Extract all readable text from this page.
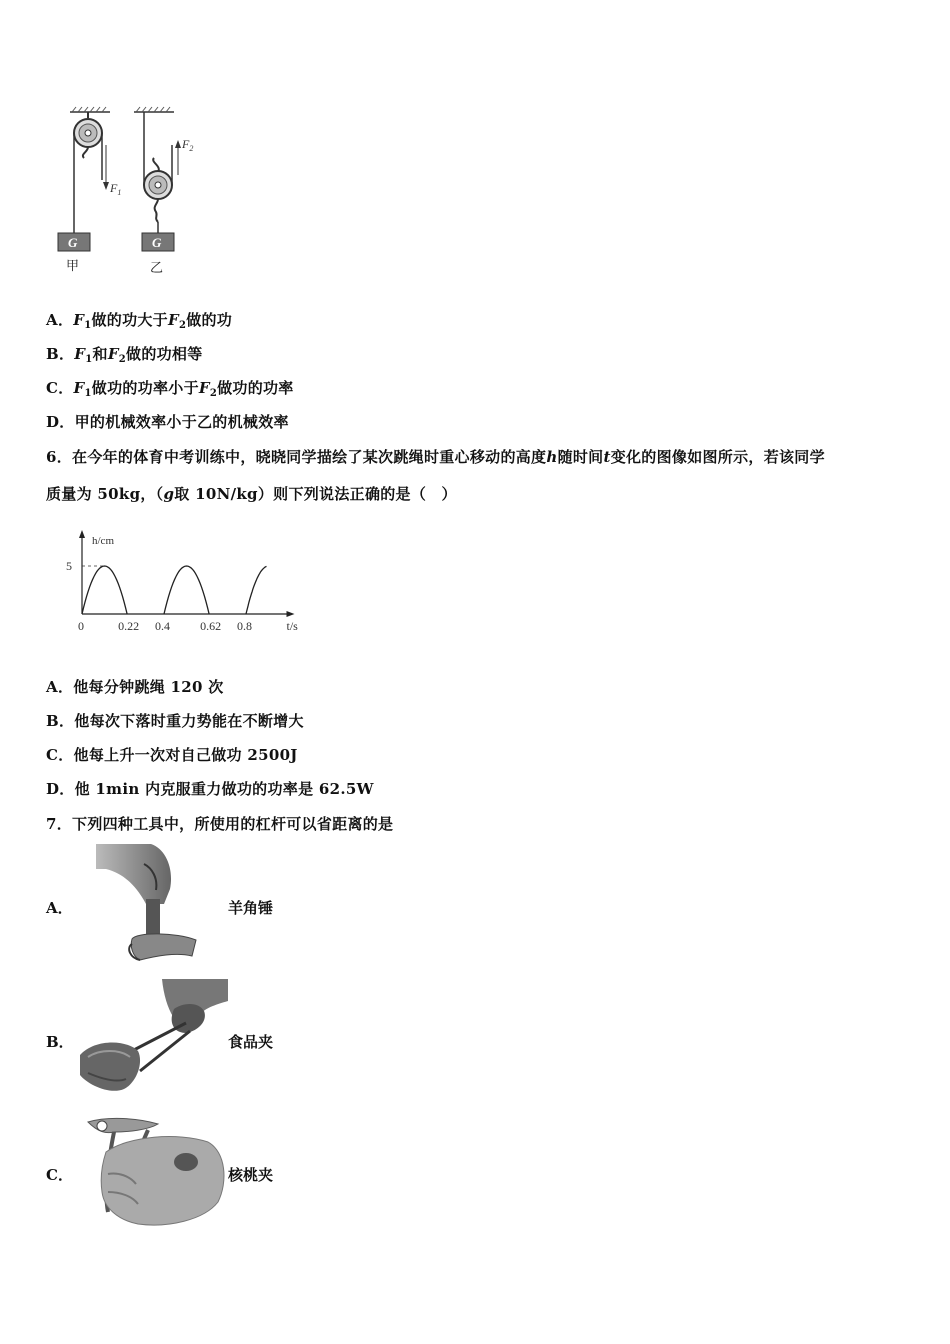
$F_1$
G
甲
$F_2$
G
乙
A．$F_1$做的功大于$F_2$做的功
B．$F_1$和$F_2$做的功相等
C．$F_1$做功的功率小于$F_2$做功的功率
D．甲的机械效率小于乙的机械效率
6．在今年的体育中考训练中，晓晓同学描绘了某次跳绳时重心移动的高度h随时间t变化的图像如图所示，若该同学
质量为 50kg，（g取 10N/kg）则下列说法正确的是（　）
h/cm
t/s
5
0	0.22 0.4	0.62 0.8
A．他每分钟跳绳 120 次
B．他每次下落时重力势能在不断增大
C．他每上升一次对自己做功 2500J
D．他 1min 内克服重力做功的功率是 62.5W
7．下列四种工具中，所使用的杠杆可以省距离的是
A．	羊角锤
B．	食品夹
C．	核桃夹
